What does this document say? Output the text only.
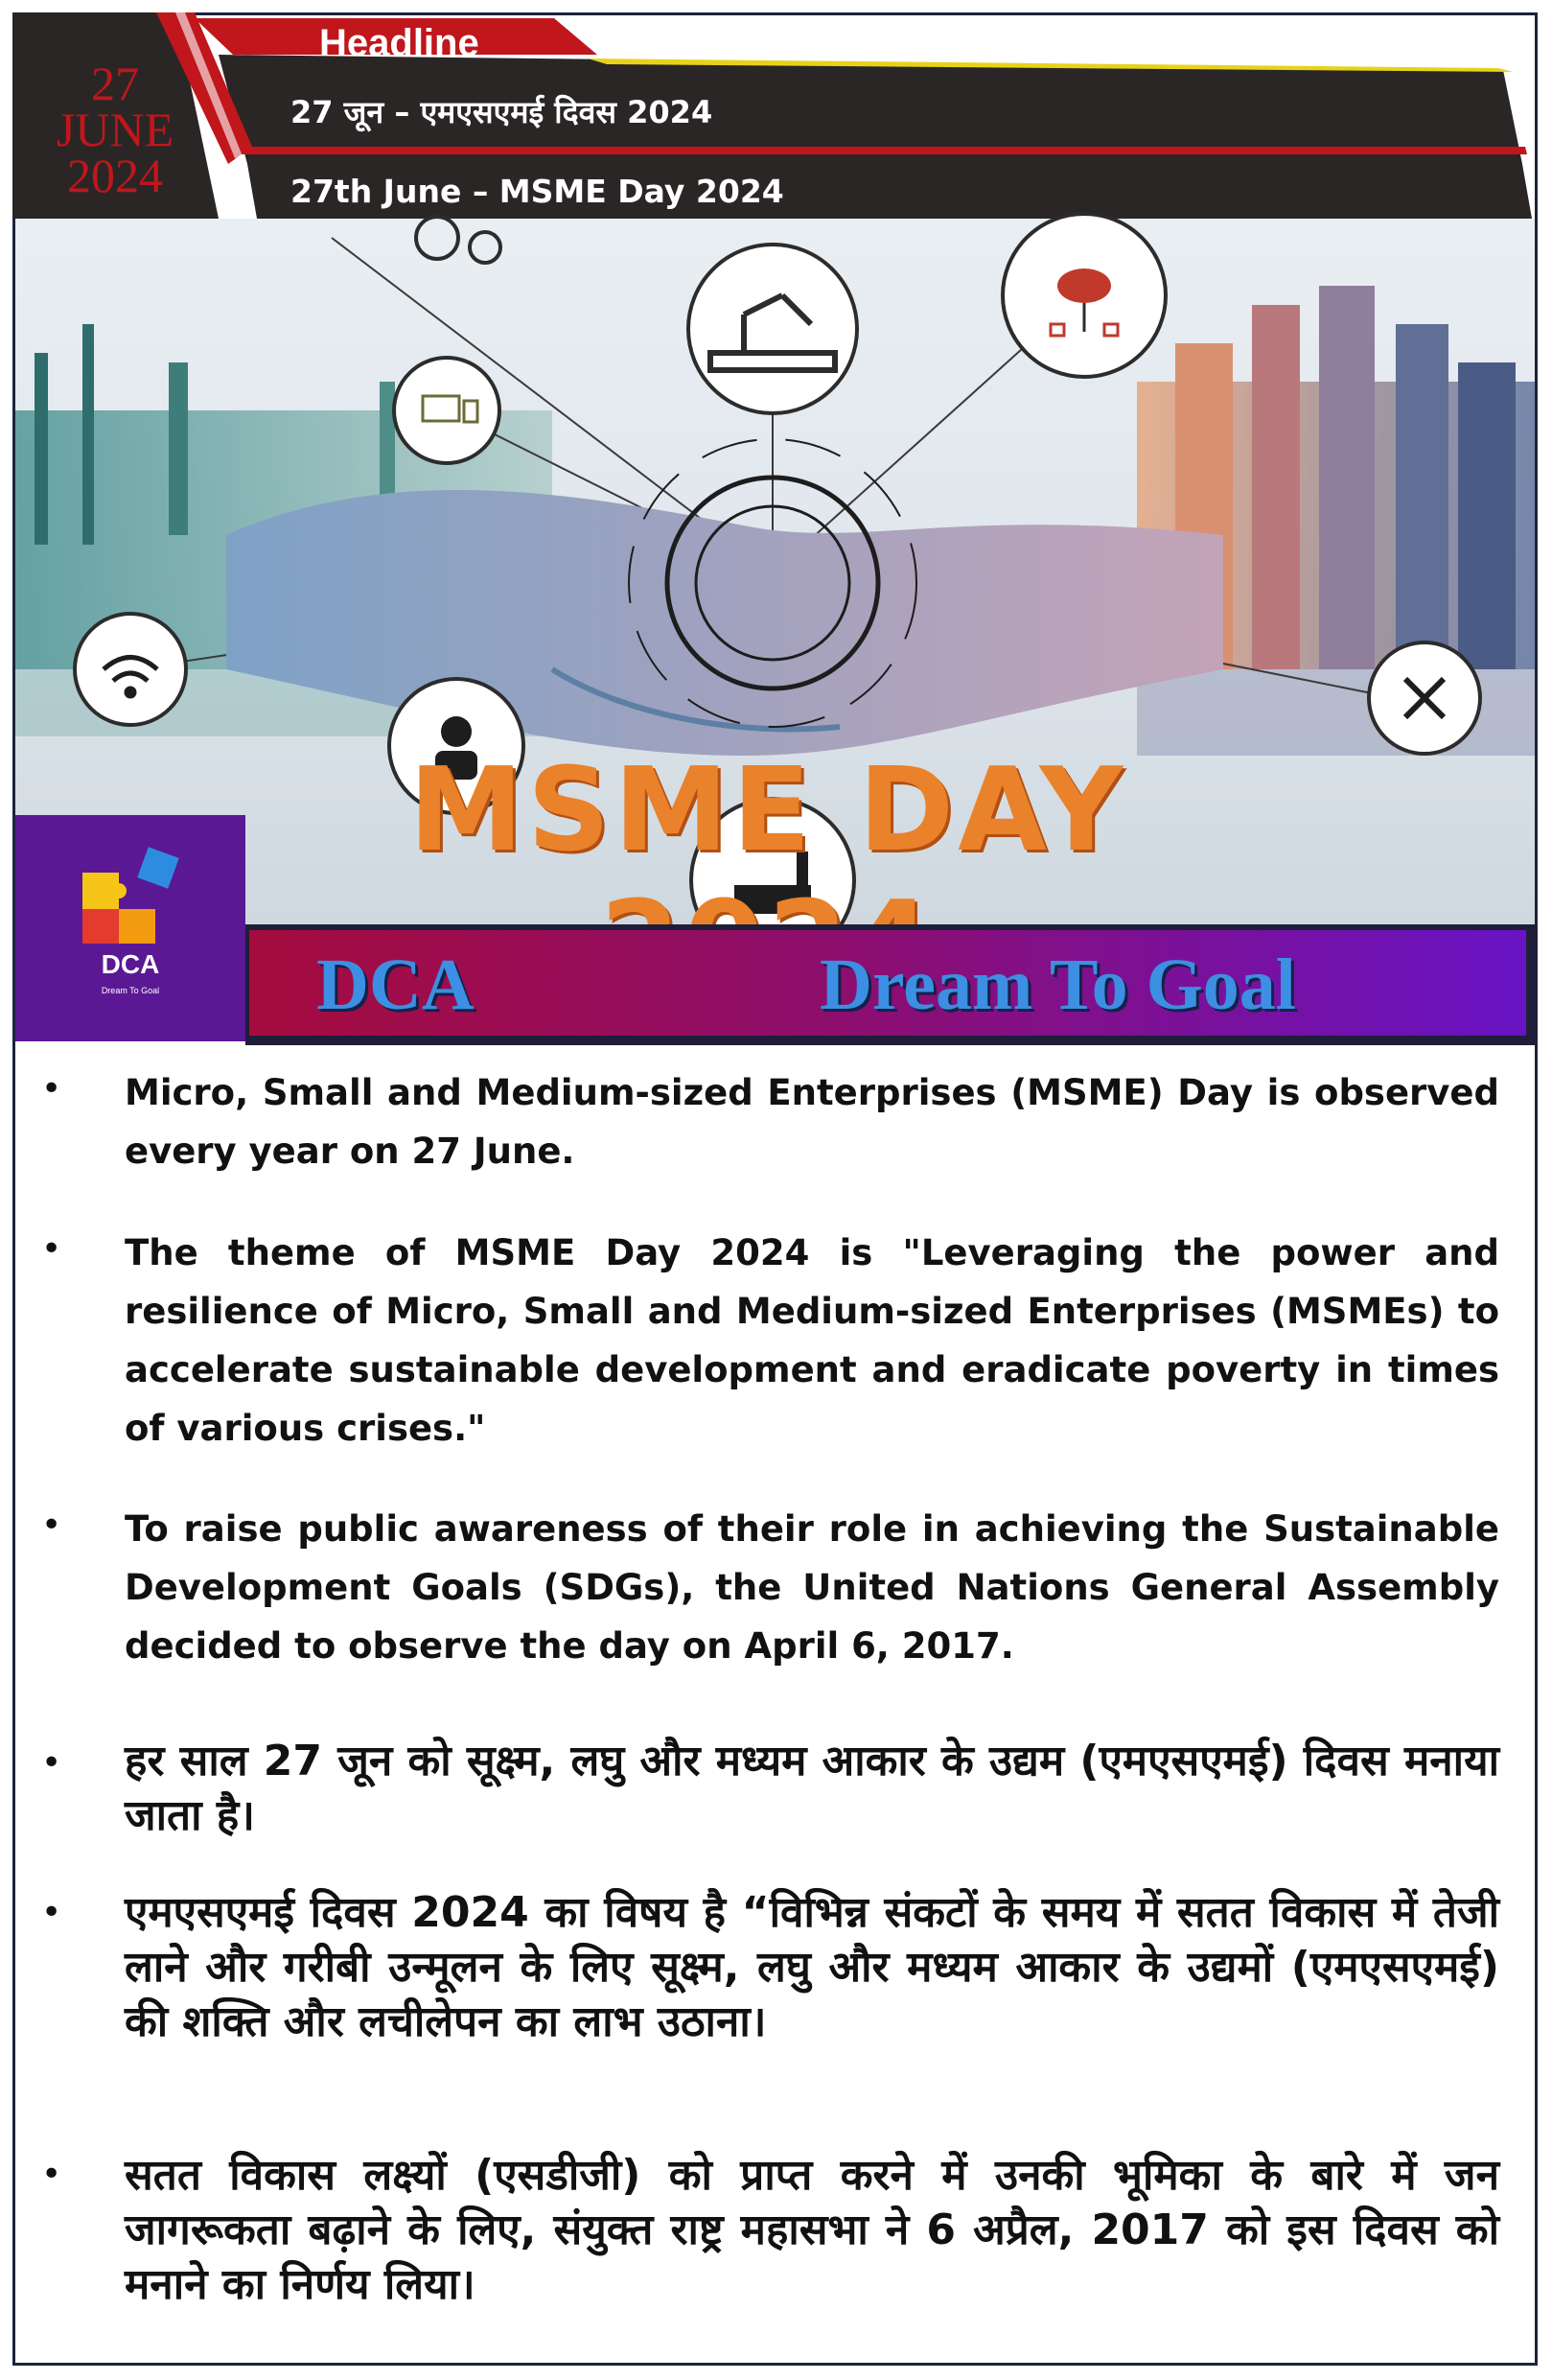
27
JUNE
2024
Headline
27 जून – एमएसएमई दिवस 2024
27th June – MSME Day 2024
MSME DAY
DCA
Dream To Goal	DCA	Dream To Goal
• Micro, Small and Medium-sized Enterprises (MSME) Day is observed every year on 27 June.
• The theme of MSME Day 2024 is "Leveraging the power and resilience of Micro, Small and Medium-sized Enterprises (MSMEs) to accelerate sustainable development and eradicate poverty in times of various crises."
• To raise public awareness of their role in achieving the Sustainable Development Goals (SDGs), the United Nations General Assembly decided to observe the day on April 6, 2017.
• हर साल 27 जून को सूक्ष्म, लघु और मध्यम आकार के उद्यम (एमएसएमई) दिवस मनाया जाता है।
• एमएसएमई दिवस 2024 का विषय है “विभिन्न संकटों के समय में सतत विकास में तेजी लाने और गरीबी उन्मूलन के लिए सूक्ष्म, लघु और मध्यम आकार के उद्यमों (एमएसएमई) की शक्ति और लचीलेपन का लाभ उठाना।
• सतत विकास लक्ष्यों (एसडीजी) को प्राप्त करने में उनकी भूमिका के बारे में जन जागरूकता बढ़ाने के लिए, संयुक्त राष्ट्र महासभा ने 6 अप्रैल, 2017 को इस दिवस को मनाने का निर्णय लिया।
